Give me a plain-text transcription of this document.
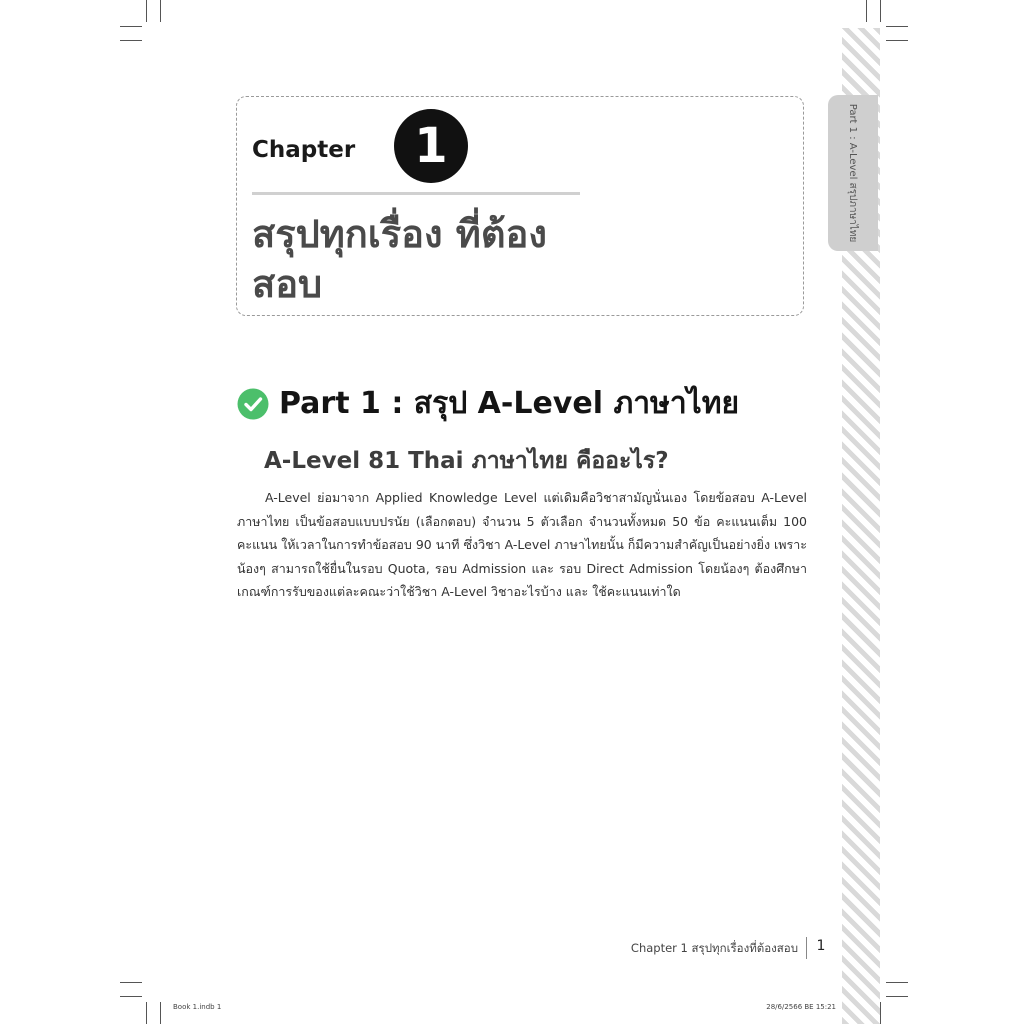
Part 1 : A-Level สรุปภาษาไทย
Chapter	1
สรุปทุกเรื่อง ที่ต้องสอบ
Part 1 : สรุป A-Level ภาษาไทย
A-Level 81 Thai ภาษาไทย คืออะไร?

A-Level ย่อมาจาก Applied Knowledge Level แต่เดิมคือวิชาสามัญนั่นเอง โดยข้อสอบ A-Level ภาษาไทย เป็นข้อสอบแบบปรนัย (เลือกตอบ) จำนวน 5 ตัวเลือก จำนวนทั้งหมด 50 ข้อ คะแนนเต็ม 100 คะแนน ให้เวลาในการทำข้อสอบ 90 นาที ซึ่งวิชา A-Level ภาษาไทยนั้น ก็มีความสำคัญเป็นอย่างยิ่ง เพราะน้องๆ สามารถใช้ยื่นในรอบ Quota, รอบ Admission และ รอบ Direct Admission โดยน้องๆ ต้องศึกษาเกณฑ์การรับของแต่ละคณะว่าใช้วิชา A-Level วิชาอะไรบ้าง และ ใช้คะแนนเท่าใด

Chapter 1 สรุปทุกเรื่องที่ต้องสอบ	1
Book 1.indb 1	28/6/2566 BE 15:21
